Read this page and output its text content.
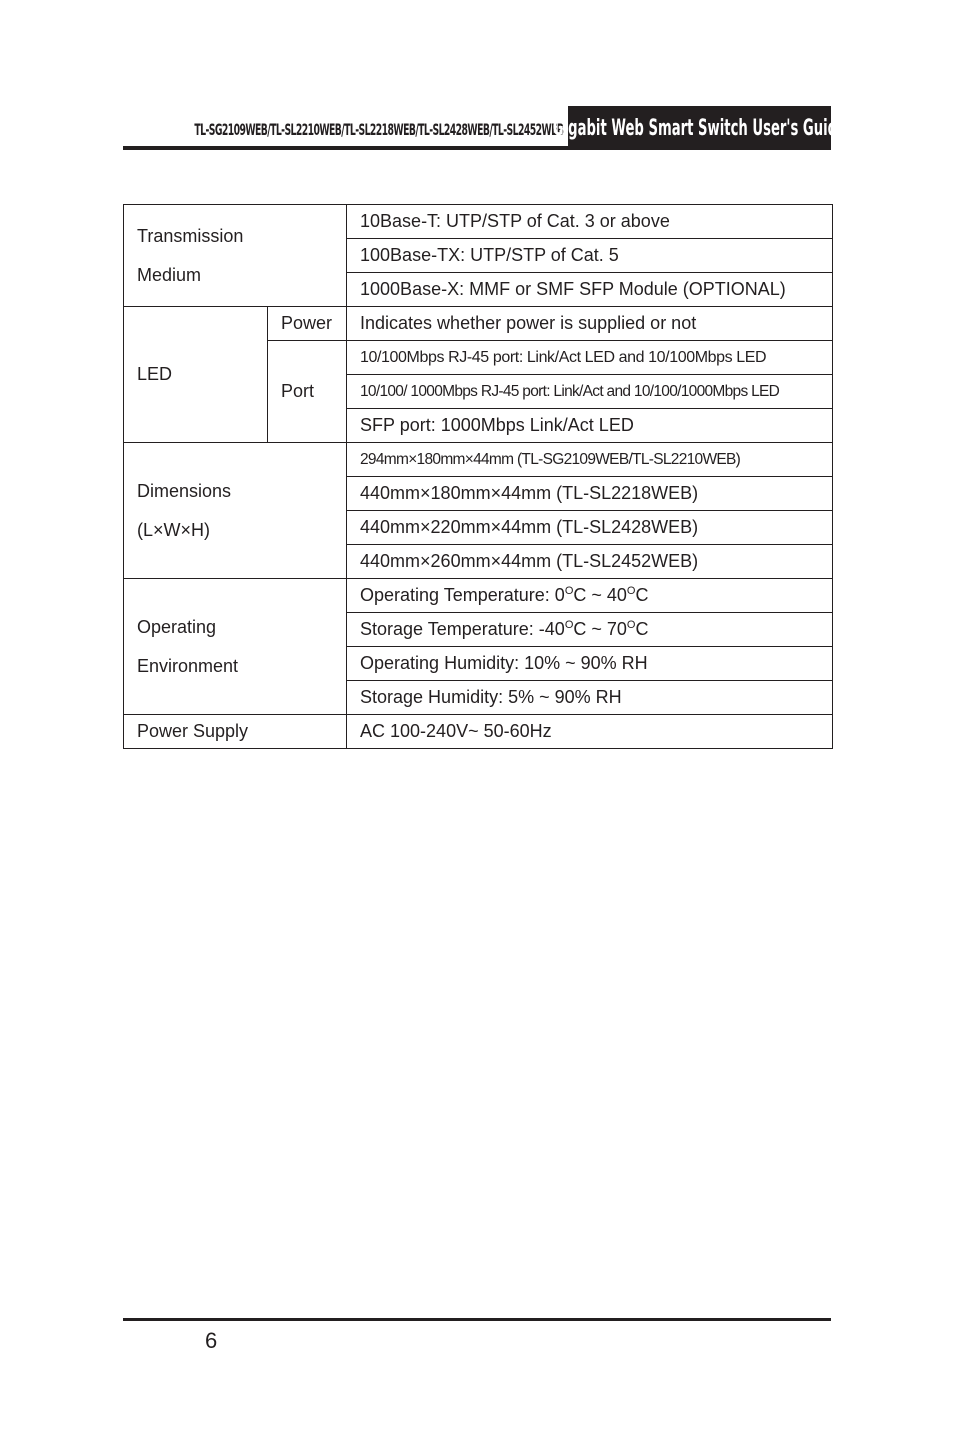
TL-SG2109WEB/TL-SL2210WEB/TL-SL2218WEB/TL-SL2428WEB/TL-SL2452WEB
Gigabit Web Smart Switch User's Guide
Transmission
Medium		10Base-T: UTP/STP of Cat. 3 or above
		100Base-TX: UTP/STP of Cat. 5
		1000Base-X: MMF or SMF SFP Module (OPTIONAL)
LED	Power	Indicates whether power is supplied or not
	Port	10/100Mbps RJ-45 port: Link/Act LED and 10/100Mbps LED
		10/100/ 1000Mbps RJ-45 port: Link/Act and 10/100/1000Mbps LED
		SFP port: 1000Mbps Link/Act LED
Dimensions
(L×W×H)		294mm×180mm×44mm (TL-SG2109WEB/TL-SL2210WEB)
		440mm×180mm×44mm (TL-SL2218WEB)
		440mm×220mm×44mm (TL-SL2428WEB)
		440mm×260mm×44mm (TL-SL2452WEB)
Operating
Environment		Operating Temperature: $0^OC$ ~ $40^OC$
		Storage Temperature: $-40^OC$ ~ $70^OC$
		Operating Humidity: 10% ~ 90% RH
		Storage Humidity: 5% ~ 90% RH
Power Supply		AC 100-240V~ 50-60Hz
6
